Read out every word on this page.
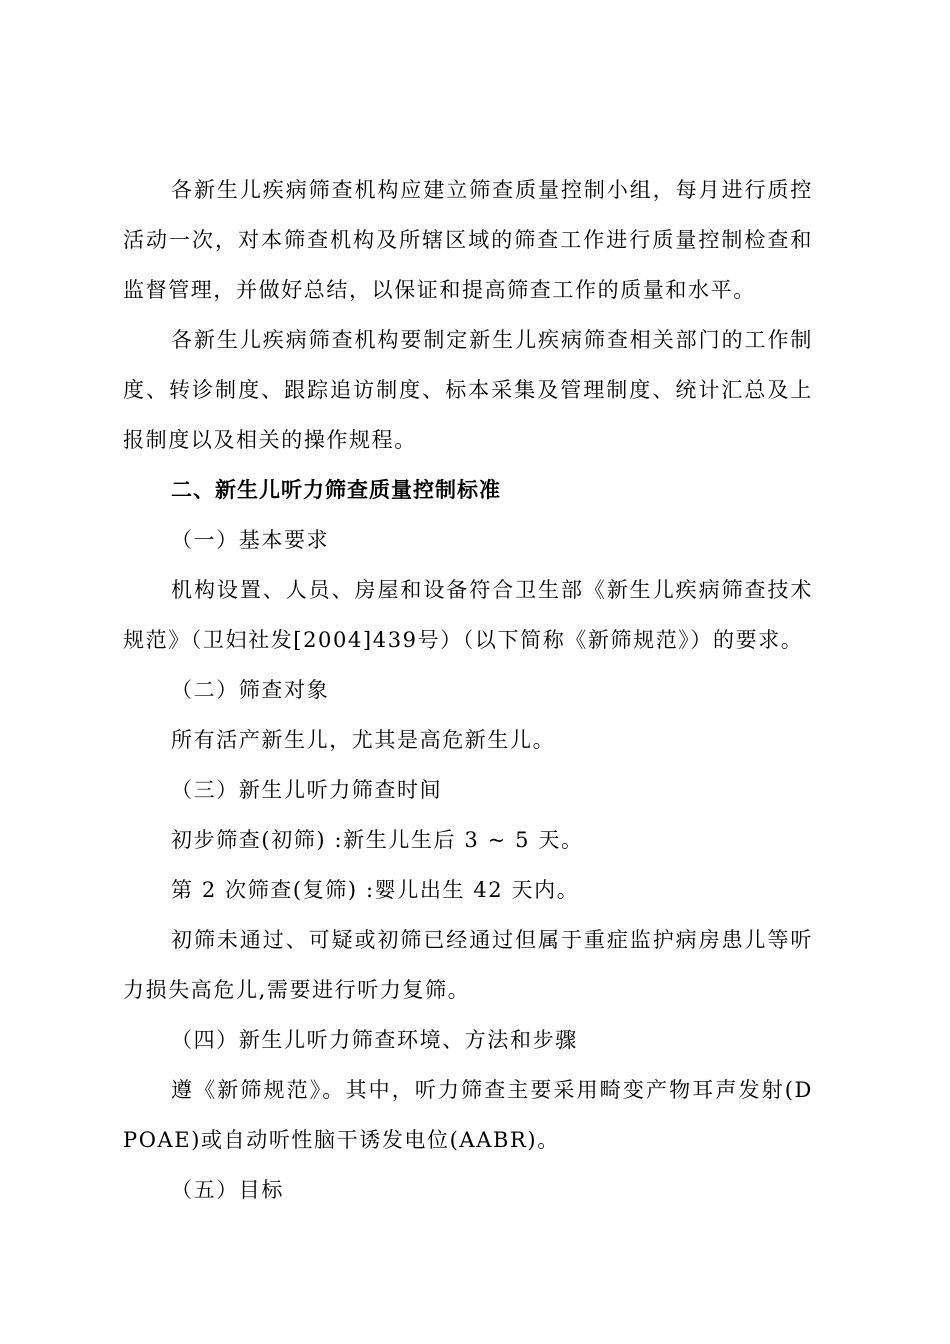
各新生儿疾病筛查机构应建立筛查质量控制小组，每月进行质控活动一次，对本筛查机构及所辖区域的筛查工作进行质量控制检查和监督管理，并做好总结，以保证和提高筛查工作的质量和水平。

各新生儿疾病筛查机构要制定新生儿疾病筛查相关部门的工作制度、转诊制度、跟踪追访制度、标本采集及管理制度、统计汇总及上报制度以及相关的操作规程。

二、新生儿听力筛查质量控制标准

（一）基本要求

机构设置、人员、房屋和设备符合卫生部《新生儿疾病筛查技术规范》（卫妇社发[2004]439号）（以下简称《新筛规范》）的要求。

（二）筛查对象

所有活产新生儿，尤其是高危新生儿。

（三）新生儿听力筛查时间

初步筛查(初筛) :新生儿生后 3 ~ 5 天。

第 2 次筛查(复筛) :婴儿出生 42 天内。

初筛未通过、可疑或初筛已经通过但属于重症监护病房患儿等听力损失高危儿,需要进行听力复筛。

（四）新生儿听力筛查环境、方法和步骤

遵《新筛规范》。其中，听力筛查主要采用畸变产物耳声发射(DPOAE)或自动听性脑干诱发电位(AABR)。

（五）目标
